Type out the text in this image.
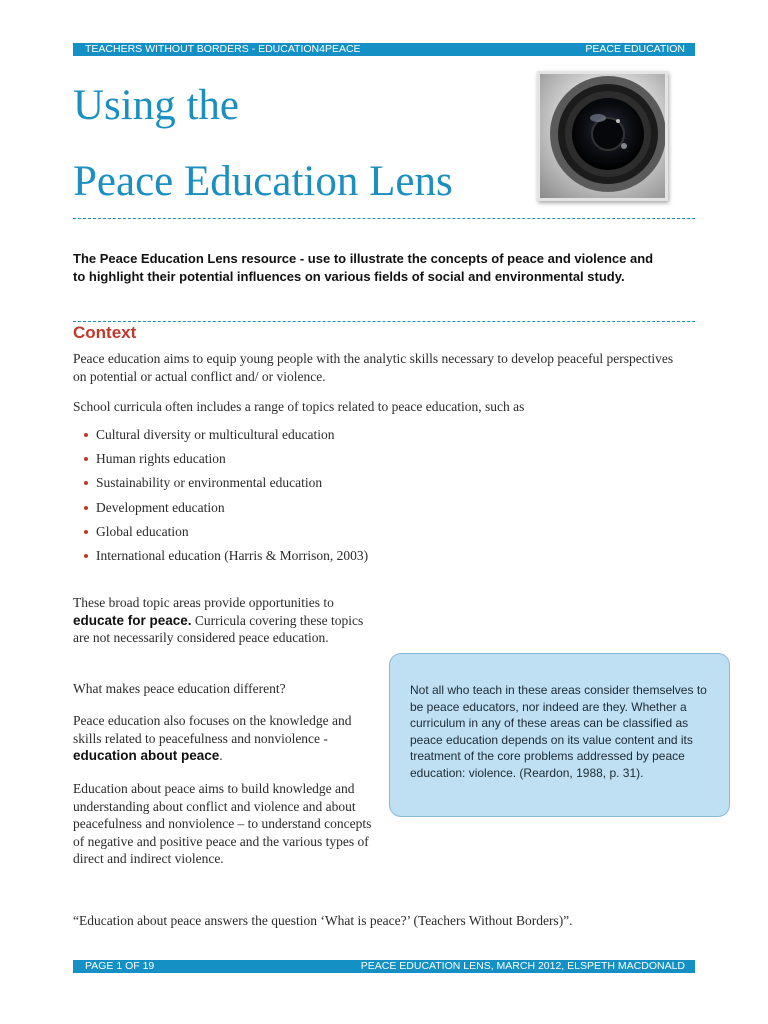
TEACHERS WITHOUT BORDERS - EDUCATION4PEACE	PEACE EDUCATION
Using the
Peace Education Lens

The Peace Education Lens resource - use to illustrate the concepts of peace and violence and to highlight their potential influences on various fields of social and environmental study.

Context

Peace education aims to equip young people with the analytic skills necessary to develop peaceful perspectives on potential or actual conflict and/ or violence.

School curricula often includes a range of topics related to peace education, such as

Cultural diversity or multicultural education
Human rights education
Sustainability or environmental education
Development education
Global education
International education (Harris & Morrison, 2003)

These broad topic areas provide opportunities to educate for peace. Curricula covering these topics are not necessarily considered peace education.

What makes peace education different?

Peace education also focuses on the knowledge and skills related to peacefulness and nonviolence - education about peace.

Education about peace aims to build knowledge and understanding about conflict and violence and about peacefulness and nonviolence – to understand concepts of negative and positive peace and the various types of direct and indirect violence.

Not all who teach in these areas consider themselves to be peace educators, nor indeed are they. Whether a curriculum in any of these areas can be classified as peace education depends on its value content and its treatment of the core problems addressed by peace education: violence. (Reardon, 1988, p. 31).

“Education about peace answers the question ‘What is peace?’ (Teachers Without Borders)”.

PAGE 1 OF 19	PEACE EDUCATION LENS, MARCH 2012, ELSPETH MACDONALD
